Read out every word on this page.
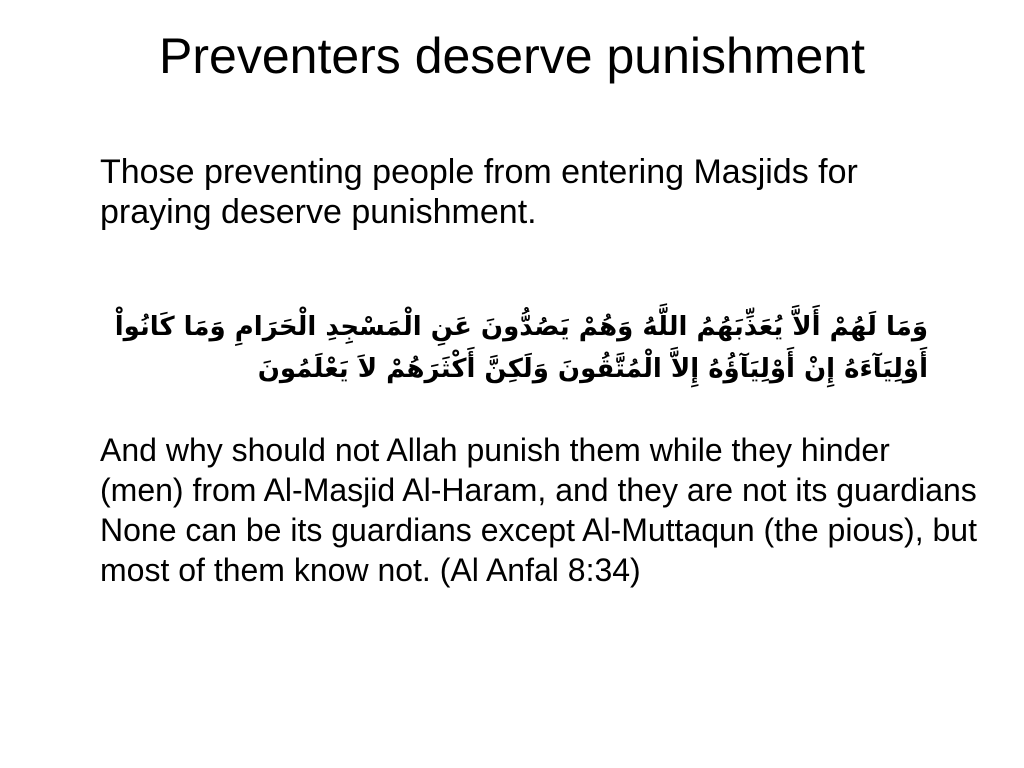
Preventers deserve punishment

Those preventing people from entering Masjids for praying deserve punishment.

وَمَا لَهُمْ أَلاَّ يُعَذِّبَهُمُ اللَّهُ وَهُمْ يَصُدُّونَ عَنِ الْمَسْجِدِ الْحَرَامِ وَمَا كَانُواْ أَوْلِيَآءَهُ إِنْ أَوْلِيَآؤُهُ إِلاَّ الْمُتَّقُونَ وَلَكِنَّ أَكْثَرَهُمْ لاَ يَعْلَمُونَ

And why should not Allah punish them while they hinder (men) from Al-Masjid Al-Haram, and they are not its guardians None can be its guardians except Al-Muttaqun (the pious), but most of them know not. (Al Anfal 8:34)
